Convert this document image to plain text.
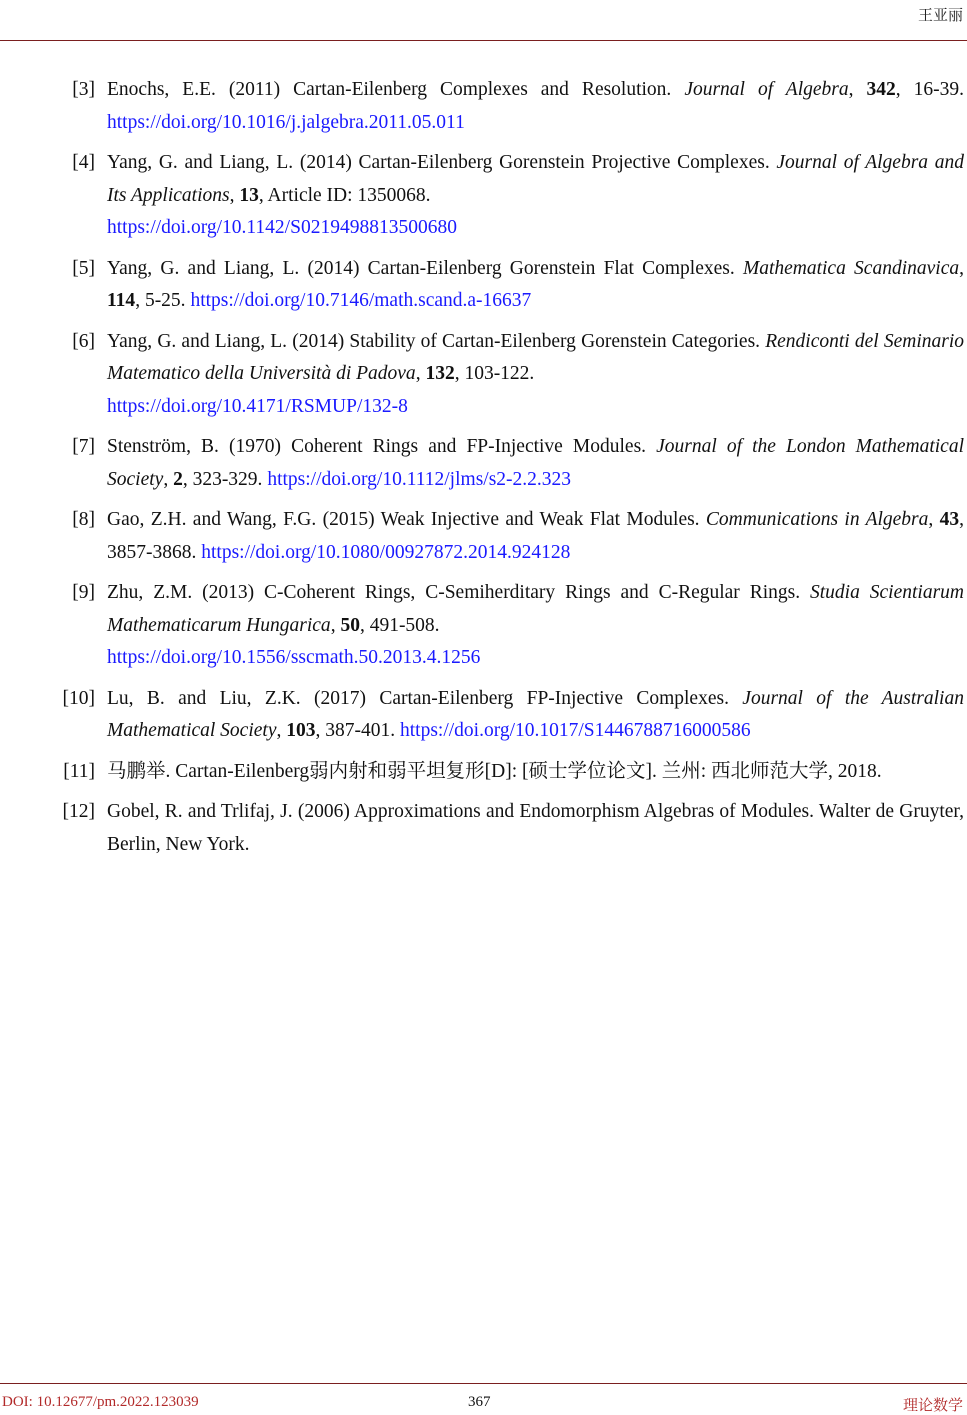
王亚丽
[3] Enochs, E.E. (2011) Cartan-Eilenberg Complexes and Resolution. Journal of Algebra, 342, 16-39. https://doi.org/10.1016/j.jalgebra.2011.05.011
[4] Yang, G. and Liang, L. (2014) Cartan-Eilenberg Gorenstein Projective Complexes. Journal of Algebra and Its Applications, 13, Article ID: 1350068.
https://doi.org/10.1142/S0219498813500680
[5] Yang, G. and Liang, L. (2014) Cartan-Eilenberg Gorenstein Flat Complexes. Mathematica Scandinavica, 114, 5-25. https://doi.org/10.7146/math.scand.a-16637
[6] Yang, G. and Liang, L. (2014) Stability of Cartan-Eilenberg Gorenstein Categories. Rendiconti del Seminario Matematico della Università di Padova, 132, 103-122.
https://doi.org/10.4171/RSMUP/132-8
[7] Stenström, B. (1970) Coherent Rings and FP-Injective Modules. Journal of the London Mathematical Society, 2, 323-329. https://doi.org/10.1112/jlms/s2-2.2.323
[8] Gao, Z.H. and Wang, F.G. (2015) Weak Injective and Weak Flat Modules. Communications in Algebra, 43, 3857-3868. https://doi.org/10.1080/00927872.2014.924128
[9] Zhu, Z.M. (2013) C-Coherent Rings, C-Semiherditary Rings and C-Regular Rings. Studia Scientiarum Mathematicarum Hungarica, 50, 491-508.
https://doi.org/10.1556/sscmath.50.2013.4.1256
[10] Lu, B. and Liu, Z.K. (2017) Cartan-Eilenberg FP-Injective Complexes. Journal of the Australian Mathematical Society, 103, 387-401. https://doi.org/10.1017/S1446788716000586
[11] 马鹏举. Cartan-Eilenberg弱内射和弱平坦复形[D]: [硕士学位论文]. 兰州: 西北师范大学, 2018.
[12] Gobel, R. and Trlifaj, J. (2006) Approximations and Endomorphism Algebras of Modules. Walter de Gruyter, Berlin, New York.
DOI: 10.12677/pm.2022.123039	367	理论数学
